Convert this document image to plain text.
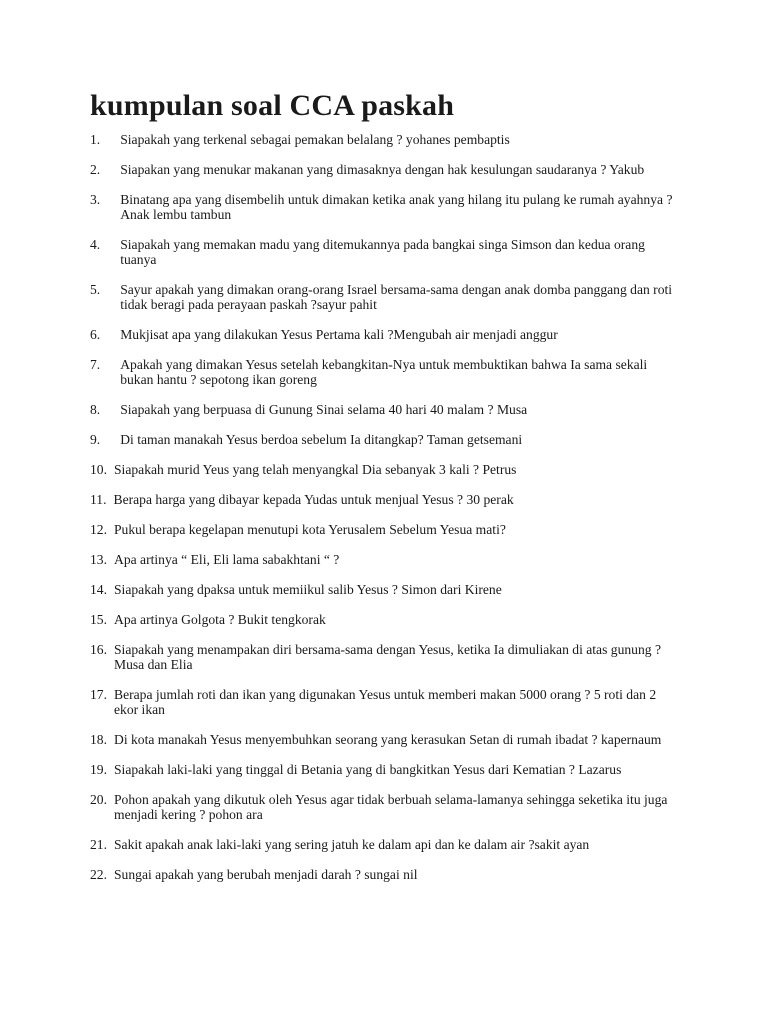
kumpulan soal CCA paskah
1. Siapakah yang terkenal sebagai pemakan belalang ? yohanes pembaptis
2. Siapakan yang menukar makanan yang dimasaknya dengan hak kesulungan saudaranya ? Yakub
3. Binatang apa yang disembelih untuk dimakan ketika anak yang hilang itu pulang ke rumah ayahnya ?Anak lembu tambun
4. Siapakah yang memakan madu yang ditemukannya pada bangkai singa Simson dan kedua orang tuanya
5. Sayur apakah yang dimakan orang-orang Israel bersama-sama dengan anak domba panggang dan roti tidak beragi pada perayaan paskah ?sayur pahit
6. Mukjisat apa yang dilakukan Yesus Pertama kali ?Mengubah air menjadi anggur
7. Apakah yang dimakan Yesus setelah kebangkitan-Nya untuk membuktikan bahwa Ia sama sekali bukan hantu ? sepotong ikan goreng
8. Siapakah yang berpuasa di Gunung Sinai selama 40 hari 40 malam ? Musa
9. Di taman manakah Yesus berdoa sebelum Ia ditangkap? Taman getsemani
10. Siapakah murid Yeus yang telah menyangkal Dia sebanyak 3 kali ? Petrus
11. Berapa harga yang dibayar kepada Yudas untuk menjual Yesus ? 30 perak
12. Pukul berapa kegelapan menutupi kota Yerusalem Sebelum Yesua mati?
13. Apa artinya “ Eli, Eli lama sabakhtani “ ?
14. Siapakah yang dpaksa untuk memiikul salib Yesus ? Simon dari Kirene
15. Apa artinya Golgota ? Bukit tengkorak
16. Siapakah yang menampakan diri bersama-sama dengan Yesus, ketika Ia dimuliakan di atas gunung ? Musa dan Elia
17. Berapa jumlah roti dan ikan yang digunakan Yesus untuk memberi makan 5000 orang ? 5 roti dan 2 ekor ikan
18. Di kota manakah Yesus menyembuhkan seorang yang kerasukan Setan di rumah ibadat ? kapernaum
19. Siapakah laki-laki yang tinggal di Betania yang di bangkitkan Yesus dari Kematian ? Lazarus
20. Pohon apakah yang dikutuk oleh Yesus agar tidak berbuah selama-lamanya sehingga seketika itu juga menjadi kering ? pohon ara
21. Sakit apakah anak laki-laki yang sering jatuh ke dalam api dan ke dalam air ?sakit ayan
22. Sungai apakah yang berubah menjadi darah ? sungai nil
